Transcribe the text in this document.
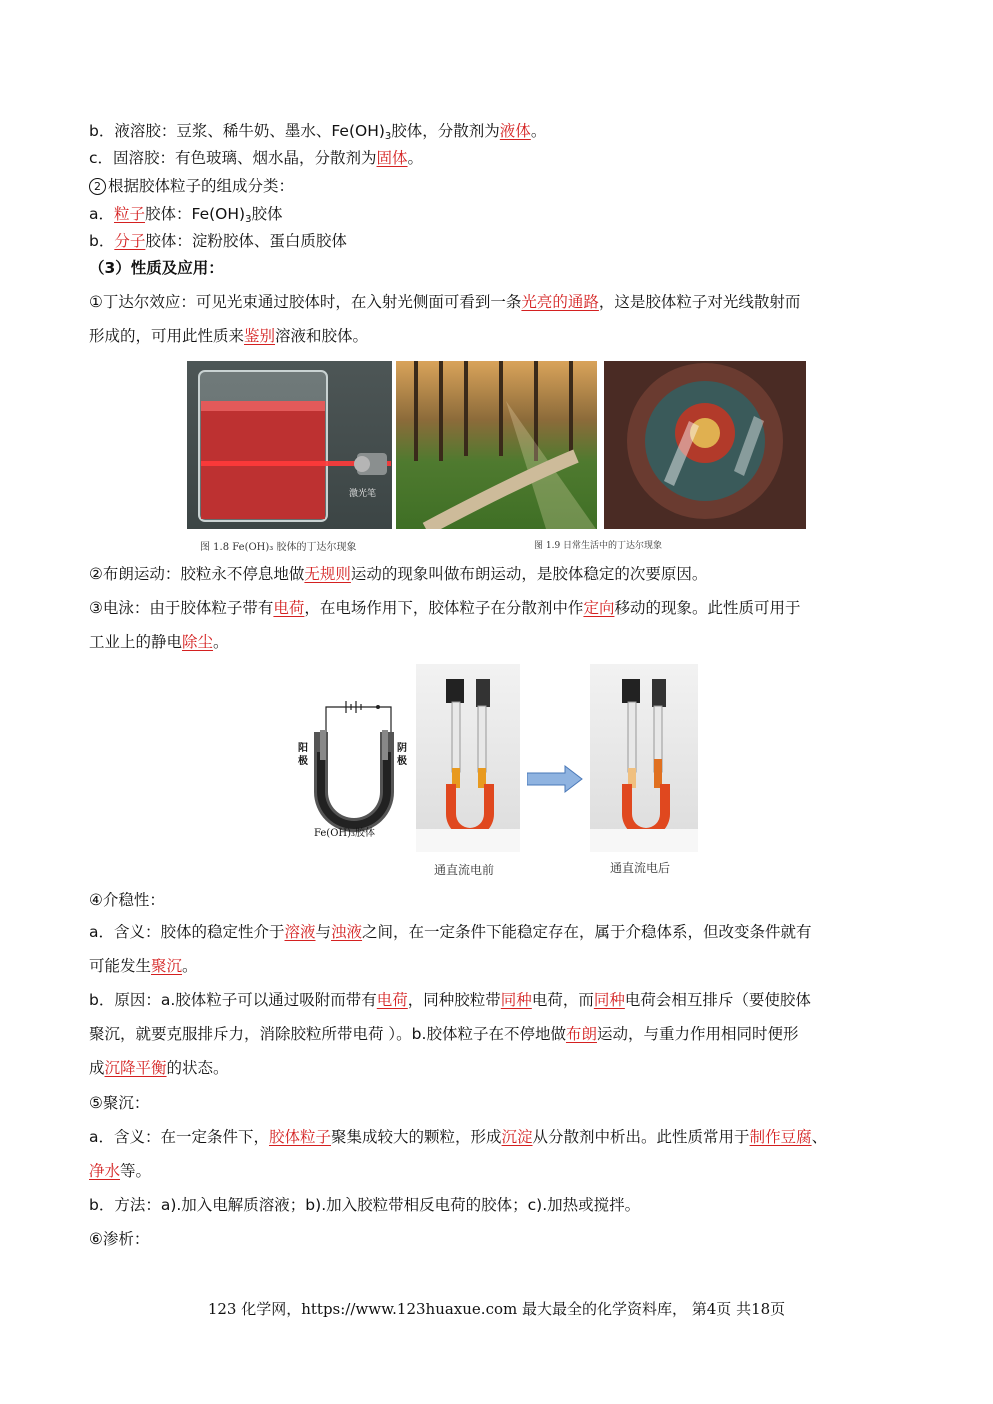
b．液溶胶：豆浆、稀牛奶、墨水、$Fe(OH)_3$胶体，分散剂为液体。
c．固溶胶：有色玻璃、烟水晶，分散剂为固体。
2 根据胶体粒子的组成分类：
a．粒子胶体：$Fe(OH)_3$胶体
b．分子胶体：淀粉胶体、蛋白质胶体
（3）性质及应用：
①丁达尔效应：可见光束通过胶体时，在入射光侧面可看到一条光亮的通路，这是胶体粒子对光线散射而
形成的，可用此性质来鉴别溶液和胶体。
激光笔
图 1.8 Fe(OH)₃ 胶体的丁达尔现象	图 1.9 日常生活中的丁达尔现象
②布朗运动：胶粒永不停息地做无规则运动的现象叫做布朗运动，是胶体稳定的次要原因。
③电泳：由于胶体粒子带有电荷，在电场作用下，胶体粒子在分散剂中作定向移动的现象。此性质可用于
工业上的静电除尘。
阳
极
阴
极
Fe(OH)₃胶体
通直流电前	通直流电后
④介稳性：
a．含义：胶体的稳定性介于溶液与浊液之间，在一定条件下能稳定存在，属于介稳体系，但改变条件就有
可能发生聚沉。
b．原因：a.胶体粒子可以通过吸附而带有电荷，同种胶粒带同种电荷，而同种电荷会相互排斥（要使胶体
聚沉，就要克服排斥力，消除胶粒所带电荷 ）。b.胶体粒子在不停地做布朗运动，与重力作用相同时便形
成沉降平衡的状态。
⑤聚沉：
a．含义：在一定条件下，胶体粒子聚集成较大的颗粒，形成沉淀从分散剂中析出。此性质常用于制作豆腐、
净水等。
b．方法：a).加入电解质溶液；b).加入胶粒带相反电荷的胶体；c).加热或搅拌。
⑥渗析：
123 化学网，https://www.123huaxue.com 最大最全的化学资料库， 第4页 共18页
